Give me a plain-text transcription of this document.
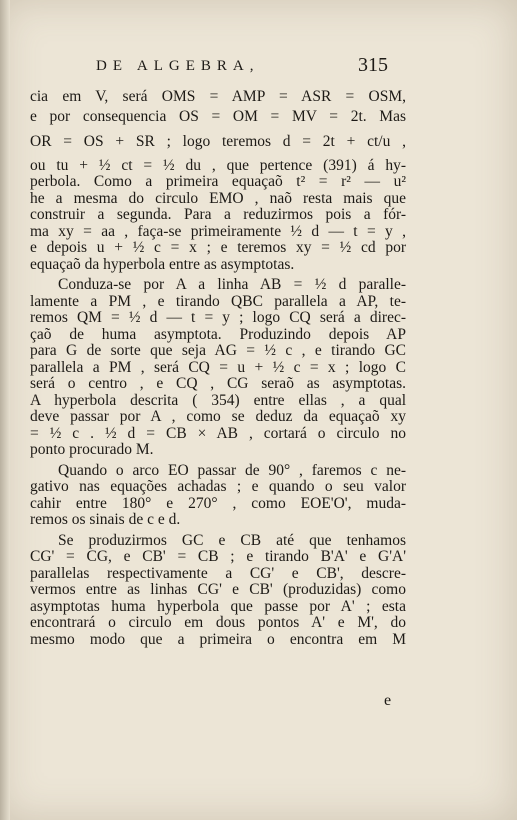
DE ALGEBRA,	315
cia em V, será OMS = AMP = ASR = OSM,
e por consequencia OS = OM = MV = 2t. Mas
OR = OS + SR ; logo teremos d = 2t + ct/u ,
ou tu + ½ ct = ½ du , que pertence (391) á hy-
perbola. Como a primeira equaçaõ t² = r² — u²
he a mesma do circulo EMO , naõ resta mais que
construir a segunda. Para a reduzirmos pois a fór-
ma xy = aa , faça-se primeiramente ½ d — t = y ,
e depois u + ½ c = x ; e teremos xy = ½ cd por
equaçaõ da hyperbola entre as asymptotas.
Conduza-se por A a linha AB = ½ d paralle-
lamente a PM , e tirando QBC parallela a AP, te-
remos QM = ½ d — t = y ; logo CQ será a direc-
çaõ de huma asymptota. Produzindo depois AP
para G de sorte que seja AG = ½ c , e tirando GC
parallela a PM , será CQ = u + ½ c = x ; logo C
será o centro , e CQ , CG seraõ as asymptotas.
A hyperbola descrita ( 354) entre ellas , a qual
deve passar por A , como se deduz da equaçaõ xy
= ½ c . ½ d = CB × AB , cortará o circulo no
ponto procurado M.
Quando o arco EO passar de 90° , faremos c ne-
gativo nas equações achadas ; e quando o seu valor
cahir entre 180° e 270° , como EOE'O', muda-
remos os sinais de c e d.
Se produzirmos GC e CB até que tenhamos
CG' = CG, e CB' = CB ; e tirando B'A' e G'A'
parallelas respectivamente a CG' e CB', descre-
vermos entre as linhas CG' e CB' (produzidas) como
asymptotas huma hyperbola que passe por A' ; esta
encontrará o circulo em dous pontos A' e M', do
mesmo modo que a primeira o encontra em M
e
